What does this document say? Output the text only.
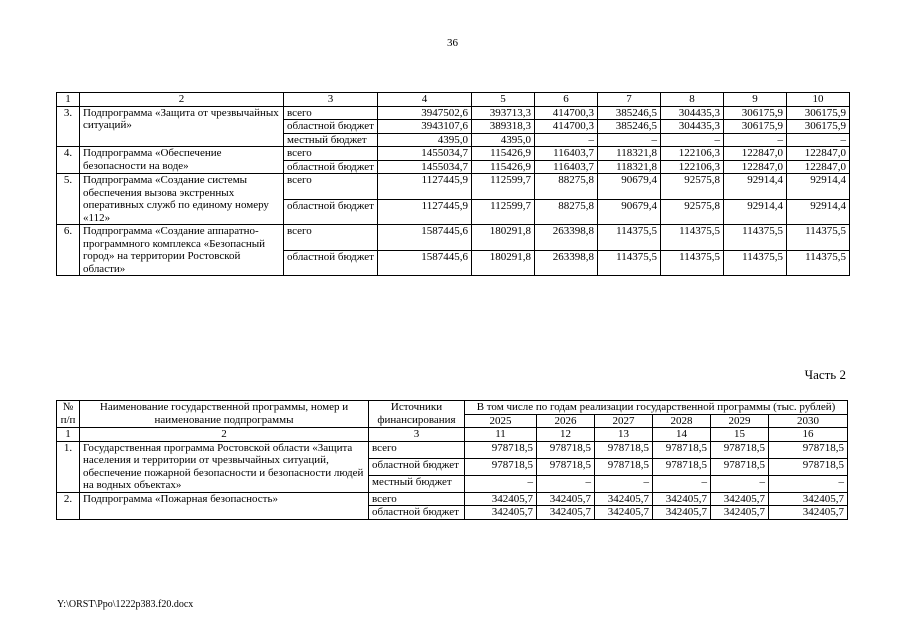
36
1	2	3	4	5	6	7	8	9	10
3.	Подпрограмма «Защита от чрезвычайных ситуаций»	всего	3947502,6	393713,3	414700,3	385246,5	304435,3	306175,9	306175,9
		областной бюджет	3943107,6	389318,3	414700,3	385246,5	304435,3	306175,9	306175,9
		местный бюджет	4395,0	4395,0	–	–	–	–	–
4.	Подпрограмма «Обеспечение безопасности на воде»	всего	1455034,7	115426,9	116403,7	118321,8	122106,3	122847,0	122847,0
		областной бюджет	1455034,7	115426,9	116403,7	118321,8	122106,3	122847,0	122847,0
5.	Подпрограмма «Создание системы обеспечения вызова экстренных оперативных служб по единому номеру «112»	всего	1127445,9	112599,7	88275,8	90679,4	92575,8	92914,4	92914,4
		областной бюджет	1127445,9	112599,7	88275,8	90679,4	92575,8	92914,4	92914,4
6.	Подпрограмма «Создание аппаратно-программного комплекса «Безопасный город» на территории Ростовской области»	всего	1587445,6	180291,8	263398,8	114375,5	114375,5	114375,5	114375,5
		областной бюджет	1587445,6	180291,8	263398,8	114375,5	114375,5	114375,5	114375,5
Часть 2
№ п/п	Наименование государственной программы, номер и наименование подпрограммы	Источники финансирования	В том числе по годам реализации государственной программы (тыс. рублей)					
			2025	2026	2027	2028	2029	2030
1	2	3	11	12	13	14	15	16
1.	Государственная программа Ростовской области «Защита населения и территории от чрезвычайных ситуаций, обеспечение пожарной безопасности и безопасности людей на водных объектах»	всего	978718,5	978718,5	978718,5	978718,5	978718,5	978718,5
		областной бюджет	978718,5	978718,5	978718,5	978718,5	978718,5	978718,5
		местный бюджет	–	–	–	–	–	–
2.	Подпрограмма «Пожарная безопасность»	всего	342405,7	342405,7	342405,7	342405,7	342405,7	342405,7
		областной бюджет	342405,7	342405,7	342405,7	342405,7	342405,7	342405,7
Y:\ORST\Ppo\1222p383.f20.docx
